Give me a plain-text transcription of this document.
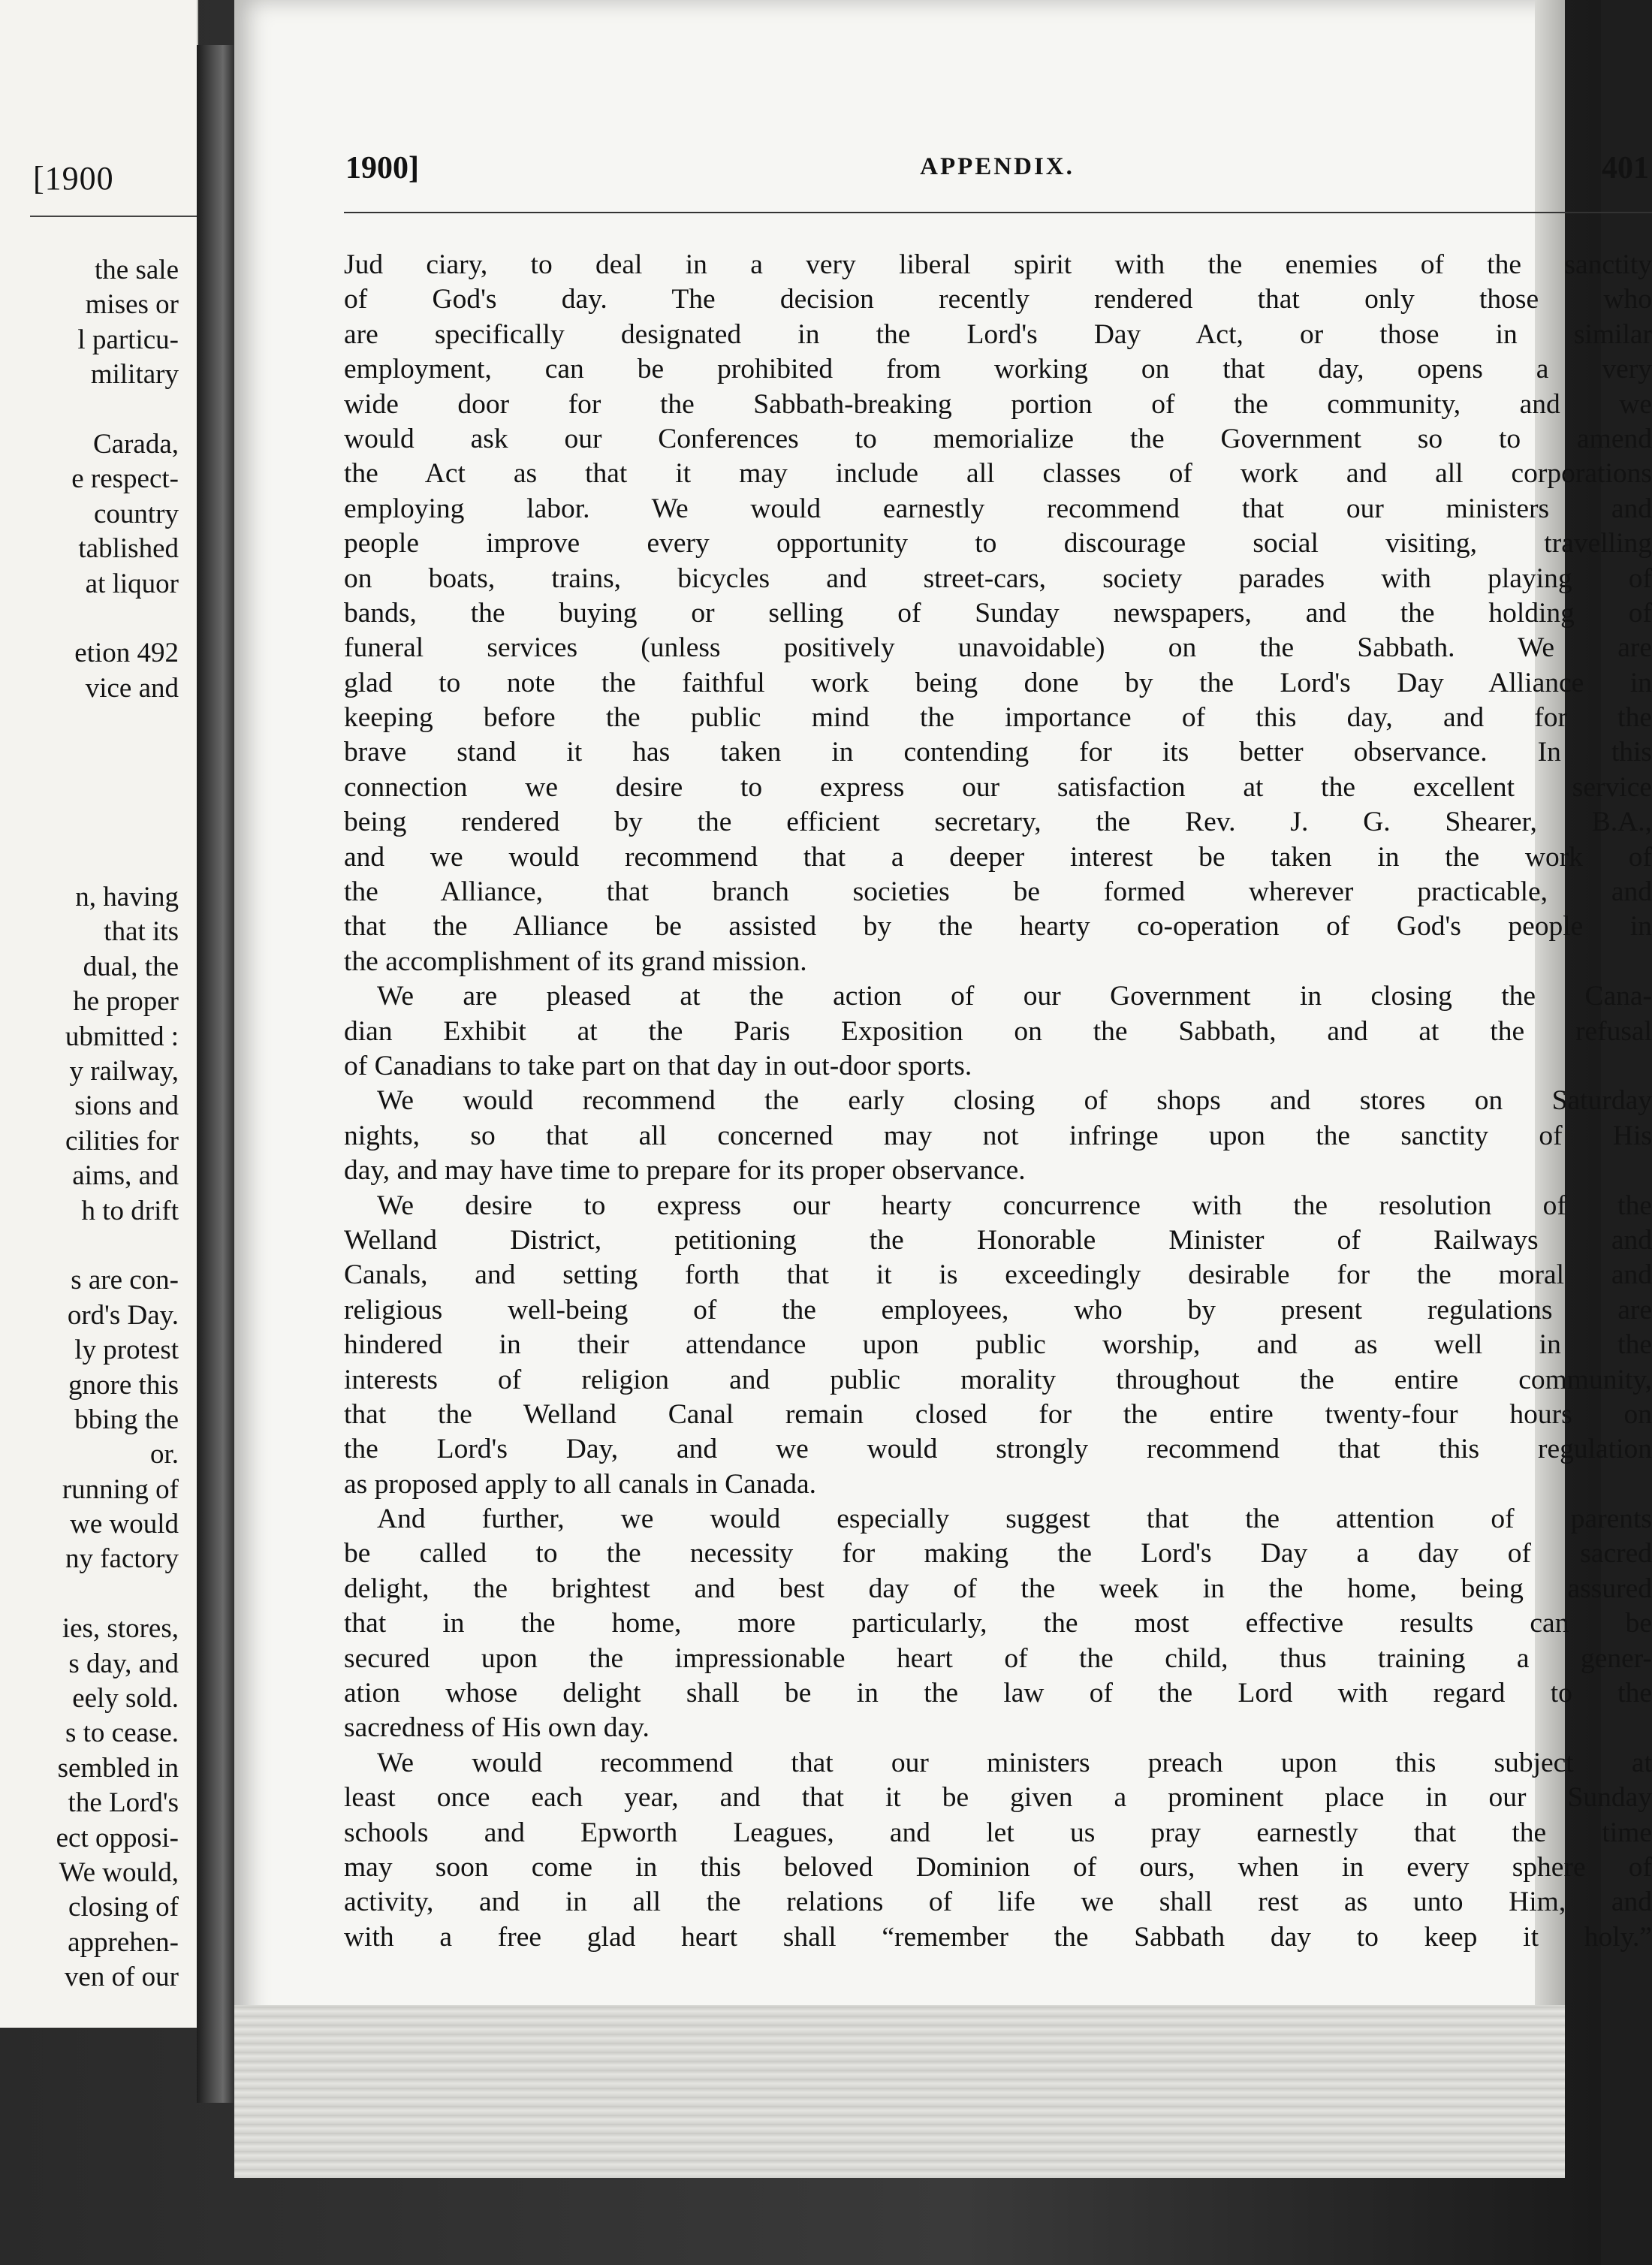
[1900
the sale
mises or
l particu-
military
Carada,
e respect-
country
tablished
at liquor
etion 492
vice and
n, having
that its
dual, the
he proper
ubmitted :
y railway,
sions and
cilities for
aims, and
h to drift
s are con-
ord's Day.
ly protest
gnore this
bbing the
or.
running of
we would
ny factory
ies, stores,
s day, and
eely sold.
s to cease.
sembled in
the Lord's
ect opposi-
We would,
closing of
apprehen-
ven of our
1900]	APPENDIX.	401
Jud ciary, to deal in a very liberal spirit with the enemies of the sanctity
of God's day. The decision recently rendered that only those who
are specifically designated in the Lord's Day Act, or those in similar
employment, can be prohibited from working on that day, opens a very
wide door for the Sabbath-breaking portion of the community, and we
would ask our Conferences to memorialize the Government so to amend
the Act as that it may include all classes of work and all corporations
employing labor. We would earnestly recommend that our ministers and
people improve every opportunity to discourage social visiting, travelling
on boats, trains, bicycles and street-cars, society parades with playing of
bands, the buying or selling of Sunday newspapers, and the holding of
funeral services (unless positively unavoidable) on the Sabbath. We are
glad to note the faithful work being done by the Lord's Day Alliance in
keeping before the public mind the importance of this day, and for the
brave stand it has taken in contending for its better observance. In this
connection we desire to express our satisfaction at the excellent service
being rendered by the efficient secretary, the Rev. J. G. Shearer, B.A.,
and we would recommend that a deeper interest be taken in the work of
the Alliance, that branch societies be formed wherever practicable, and
that the Alliance be assisted by the hearty co-operation of God's people in
the accomplishment of its grand mission.
We are pleased at the action of our Government in closing the Cana-
dian Exhibit at the Paris Exposition on the Sabbath, and at the refusal
of Canadians to take part on that day in out-door sports.
We would recommend the early closing of shops and stores on Saturday
nights, so that all concerned may not infringe upon the sanctity of His
day, and may have time to prepare for its proper observance.
We desire to express our hearty concurrence with the resolution of the
Welland District, petitioning the Honorable Minister of Railways and
Canals, and setting forth that it is exceedingly desirable for the moral and
religious well-being of the employees, who by present regulations are
hindered in their attendance upon public worship, and as well in the
interests of religion and public morality throughout the entire community,
that the Welland Canal remain closed for the entire twenty-four hours on
the Lord's Day, and we would strongly recommend that this regulation
as proposed apply to all canals in Canada.
And further, we would especially suggest that the attention of parents
be called to the necessity for making the Lord's Day a day of sacred
delight, the brightest and best day of the week in the home, being assured
that in the home, more particularly, the most effective results can be
secured upon the impressionable heart of the child, thus training a gener-
ation whose delight shall be in the law of the Lord with regard to the
sacredness of His own day.
We would recommend that our ministers preach upon this subject at
least once each year, and that it be given a prominent place in our Sunday
schools and Epworth Leagues, and let us pray earnestly that the time
may soon come in this beloved Dominion of ours, when in every sphere of
activity, and in all the relations of life we shall rest as unto Him, and
with a free glad heart shall “remember the Sabbath day to keep it holy.”
